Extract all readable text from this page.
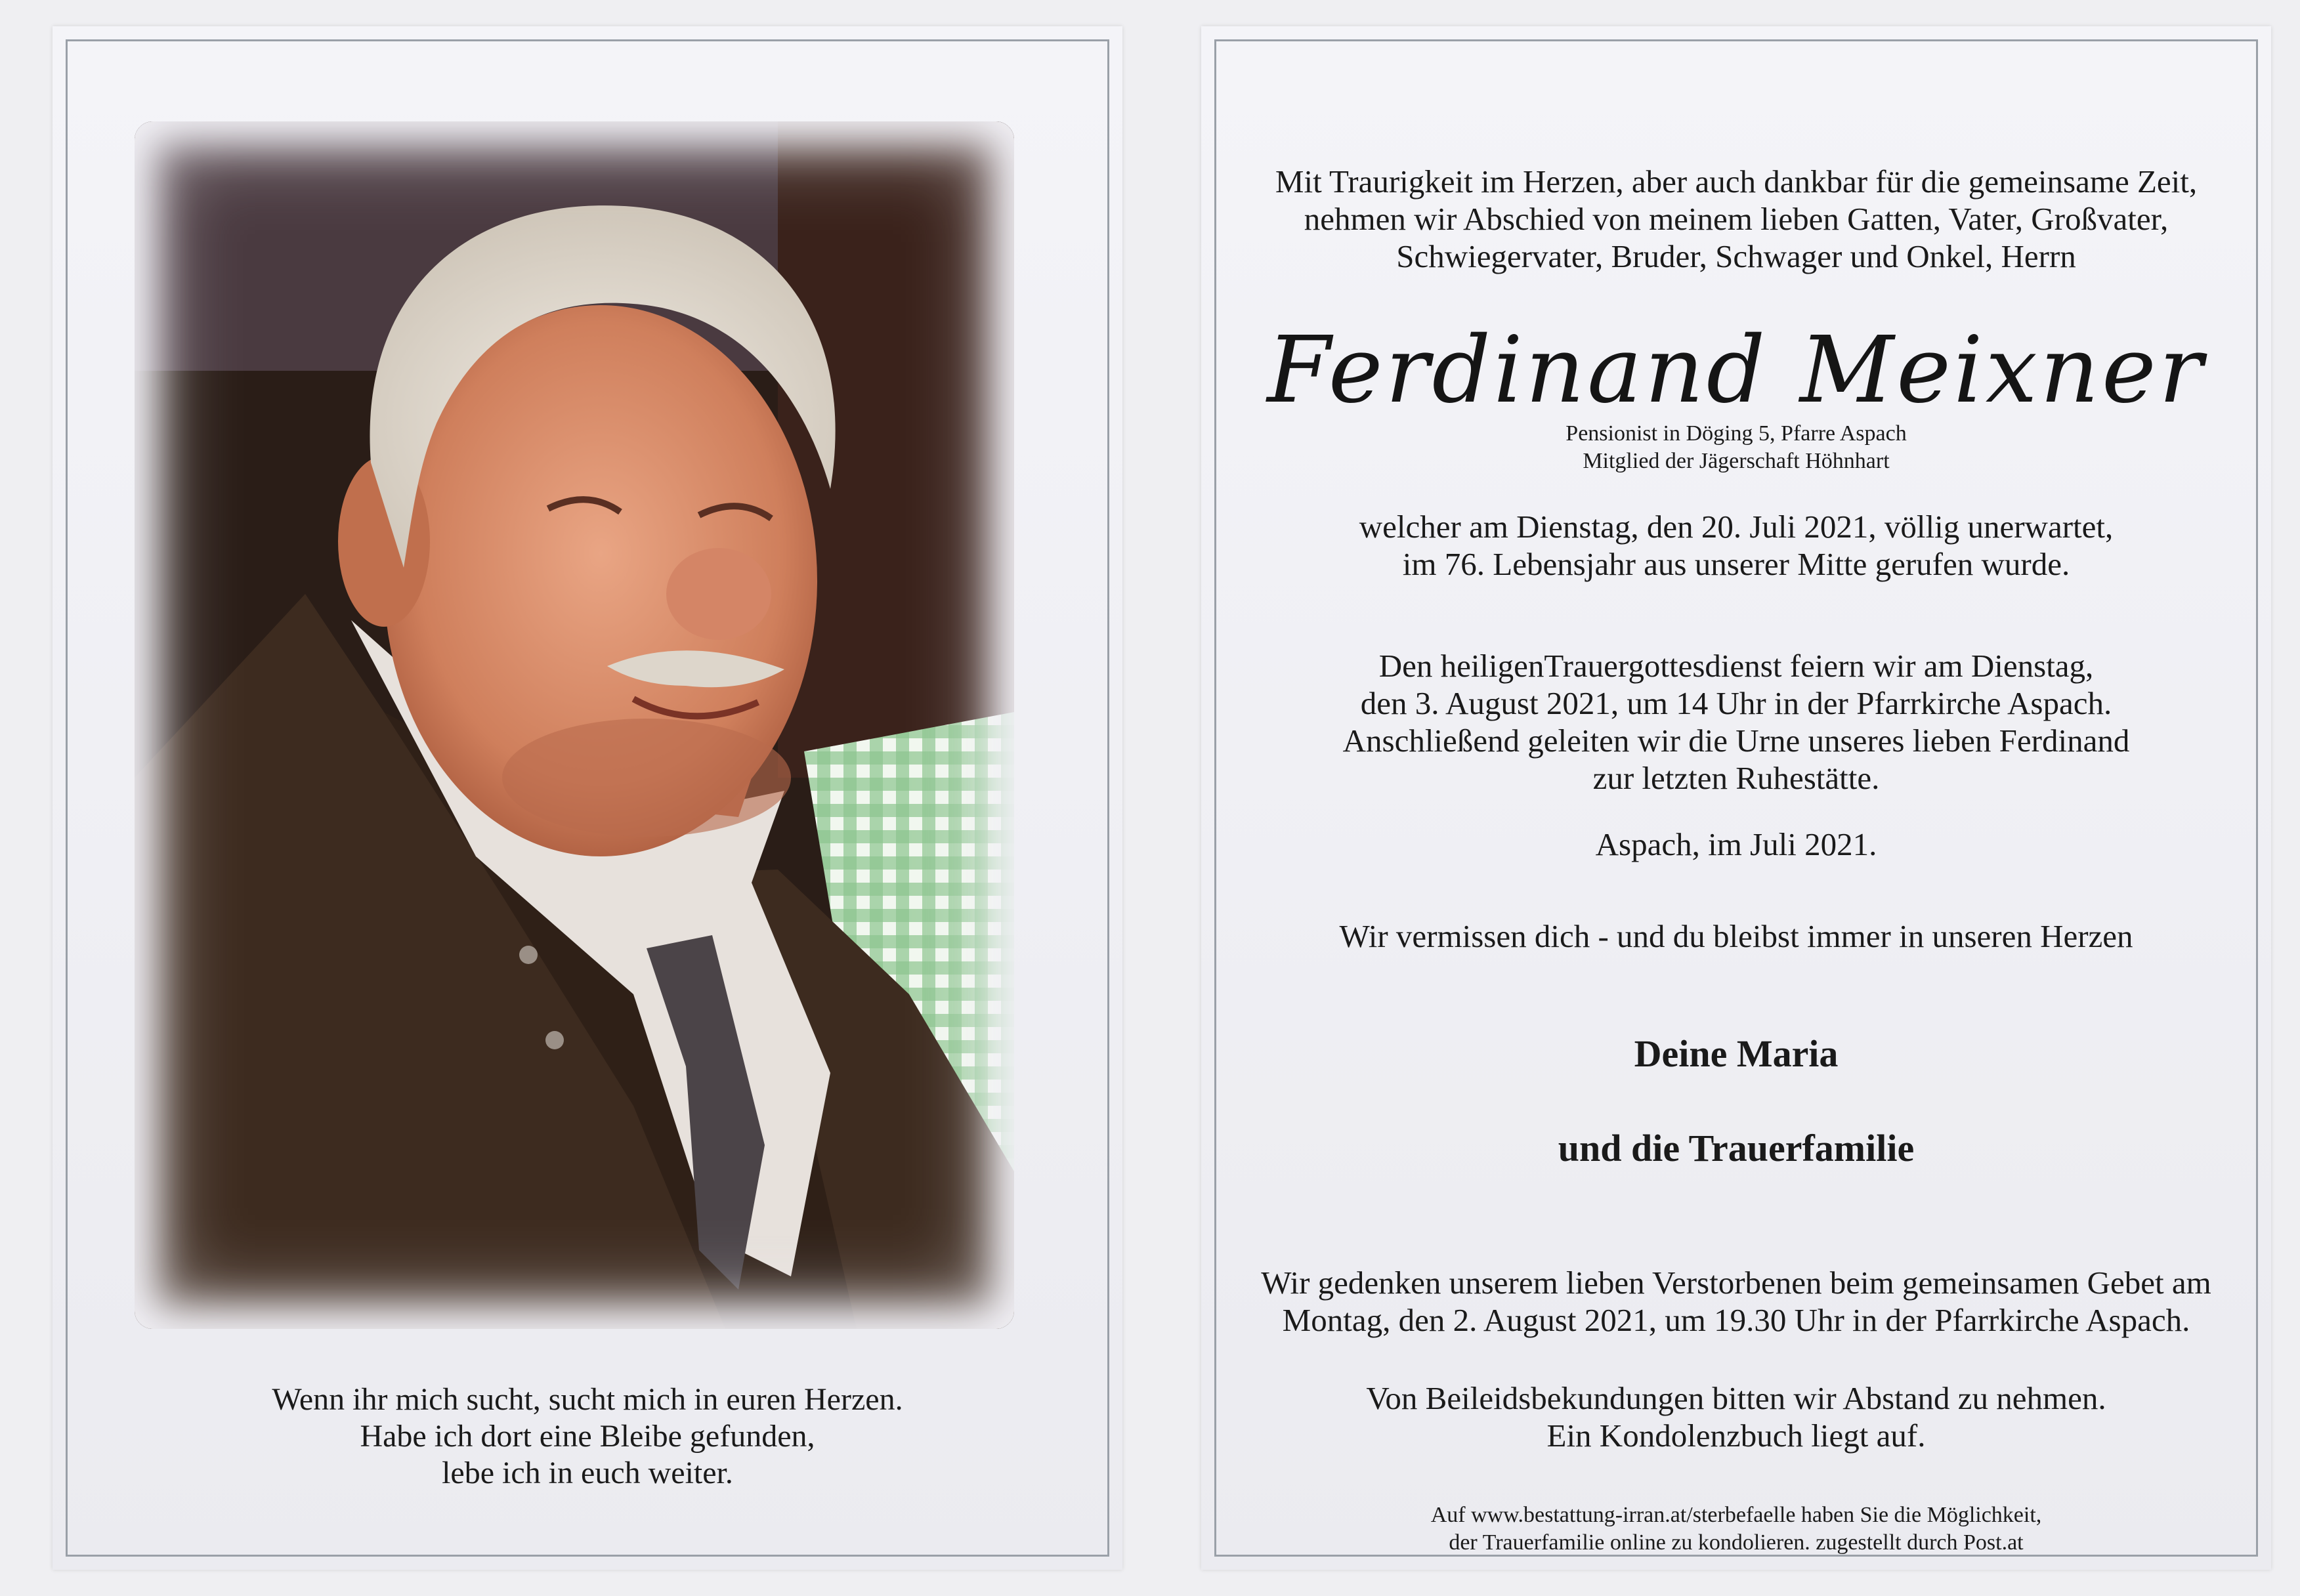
Wenn ihr mich sucht, sucht mich in euren Herzen.
Habe ich dort eine Bleibe gefunden,
lebe ich in euch weiter.
Mit Traurigkeit im Herzen, aber auch dankbar für die gemeinsame Zeit,
nehmen wir Abschied von meinem lieben Gatten, Vater, Großvater,
Schwiegervater, Bruder, Schwager und Onkel, Herrn
Ferdinand Meixner
Pensionist in Döging 5, Pfarre Aspach
Mitglied der Jägerschaft Höhnhart
welcher am Dienstag, den 20. Juli 2021, völlig unerwartet,
im 76. Lebensjahr aus unserer Mitte gerufen wurde.
Den heiligenTrauergottesdienst feiern wir am Dienstag,
den 3. August 2021, um 14 Uhr in der Pfarrkirche Aspach.
Anschließend geleiten wir die Urne unseres lieben Ferdinand
zur letzten Ruhestätte.
Aspach, im Juli 2021.
Wir vermissen dich - und du bleibst immer in unseren Herzen
Deine Maria
und die Trauerfamilie
Wir gedenken unserem lieben Verstorbenen beim gemeinsamen Gebet am
Montag, den 2. August 2021, um 19.30 Uhr in der Pfarrkirche Aspach.
Von Beileidsbekundungen bitten wir Abstand zu nehmen.
Ein Kondolenzbuch liegt auf.
Auf www.bestattung-irran.at/sterbefaelle haben Sie die Möglichkeit,
der Trauerfamilie online zu kondolieren. zugestellt durch Post.at
